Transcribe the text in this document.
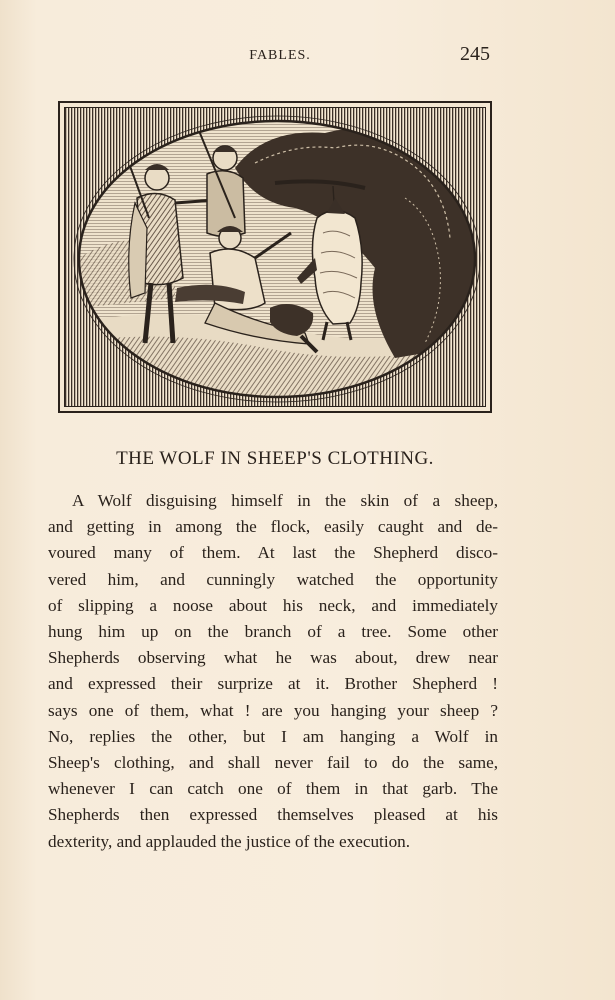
FABLES.	245
THE WOLF IN SHEEP'S CLOTHING.
A Wolf disguising himself in the skin of a sheep,
and getting in among the flock, easily caught and de-
voured many of them. At last the Shepherd disco-
vered him, and cunningly watched the opportunity
of slipping a noose about his neck, and immediately
hung him up on the branch of a tree. Some other
Shepherds observing what he was about, drew near
and expressed their surprize at it. Brother Shepherd !
says one of them, what ! are you hanging your sheep ?
No, replies the other, but I am hanging a Wolf in
Sheep's clothing, and shall never fail to do the same,
whenever I can catch one of them in that garb. The
Shepherds then expressed themselves pleased at his
dexterity, and applauded the justice of the execution.
